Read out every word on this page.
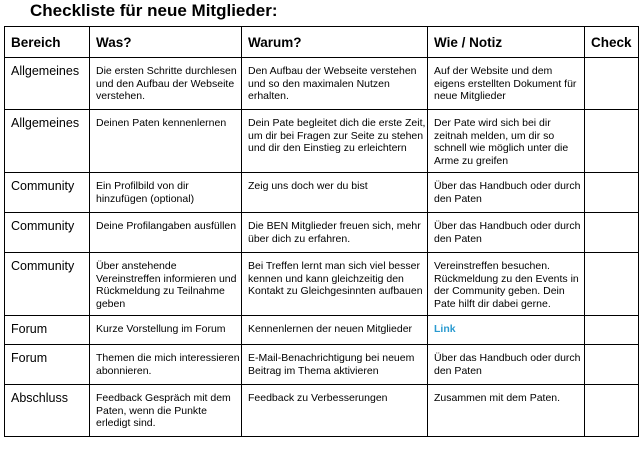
Checkliste für neue Mitglieder:
Bereich	Was?	Warum?	Wie / Notiz	Check
Allgemeines	Die ersten Schritte durchlesen und den Aufbau der Webseite verstehen.	Den Aufbau der Webseite verstehen und so den maximalen Nutzen erhalten.	Auf der Website und dem eigens erstellten Dokument für neue Mitglieder	
Allgemeines	Deinen Paten kennenlernen	Dein Pate begleitet dich die erste Zeit, um dir bei Fragen zur Seite zu stehen und dir den Einstieg zu erleichtern	Der Pate wird sich bei dir zeitnah melden, um dir so schnell wie möglich unter die Arme zu greifen	
Community	Ein Profilbild von dir hinzufügen (optional)	Zeig uns doch wer du bist	Über das Handbuch oder durch den Paten	
Community	Deine Profilangaben ausfüllen	Die BEN Mitglieder freuen sich, mehr über dich zu erfahren.	Über das Handbuch oder durch den Paten	
Community	Über anstehende Vereinstreffen informieren und Rückmeldung zu Teilnahme geben	Bei Treffen lernt man sich viel besser kennen und kann gleichzeitig den Kontakt zu Gleichgesinnten aufbauen	Vereinstreffen besuchen. Rückmeldung zu den Events in der Community geben. Dein Pate hilft dir dabei gerne.	
Forum	Kurze Vorstellung im Forum	Kennenlernen der neuen Mitglieder	Link	
Forum	Themen die mich interessieren abonnieren.	E-Mail-Benachrichtigung bei neuem Beitrag im Thema aktivieren	Über das Handbuch oder durch den Paten	
Abschluss	Feedback Gespräch mit dem Paten, wenn die Punkte erledigt sind.	Feedback zu Verbesserungen	Zusammen mit dem Paten.	
